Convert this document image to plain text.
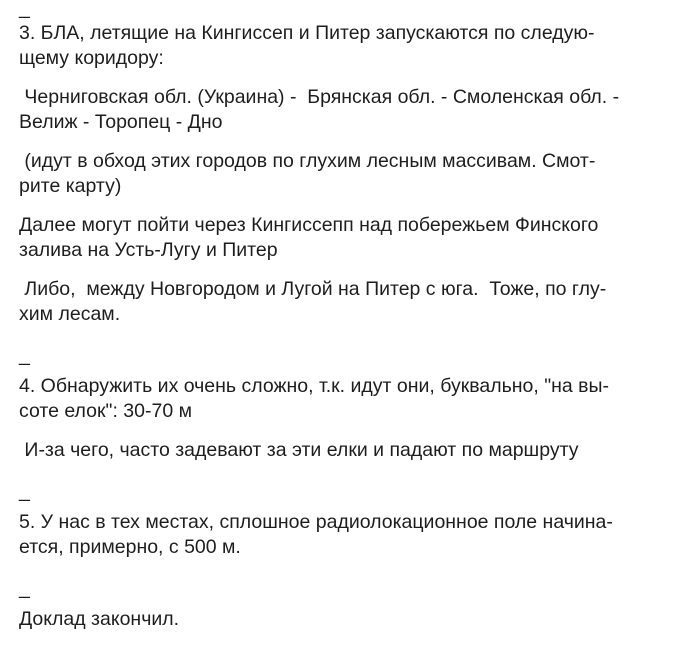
_

3. БЛА, летящие на Кингиссеп и Питер запускаются по следую-

щему коридору:

Черниговская обл. (Украина) -  Брянская обл. - Смоленская обл. -

Велиж - Торопец - Дно

(идут в обход этих городов по глухим лесным массивам. Смот-

рите карту)

Далее могут пойти через Кингиссепп над побережьем Финского

залива на Усть-Лугу и Питер

Либо,  между Новгородом и Лугой на Питер с юга.  Тоже, по глу-

хим лесам.

_

4. Обнаружить их очень сложно, т.к. идут они, буквально, "на вы-

соте елок": 30-70 м

И-за чего, часто задевают за эти елки и падают по маршруту

_

5. У нас в тех местах, сплошное радиолокационное поле начина-

ется, примерно, с 500 м.

_

Доклад закончил.
